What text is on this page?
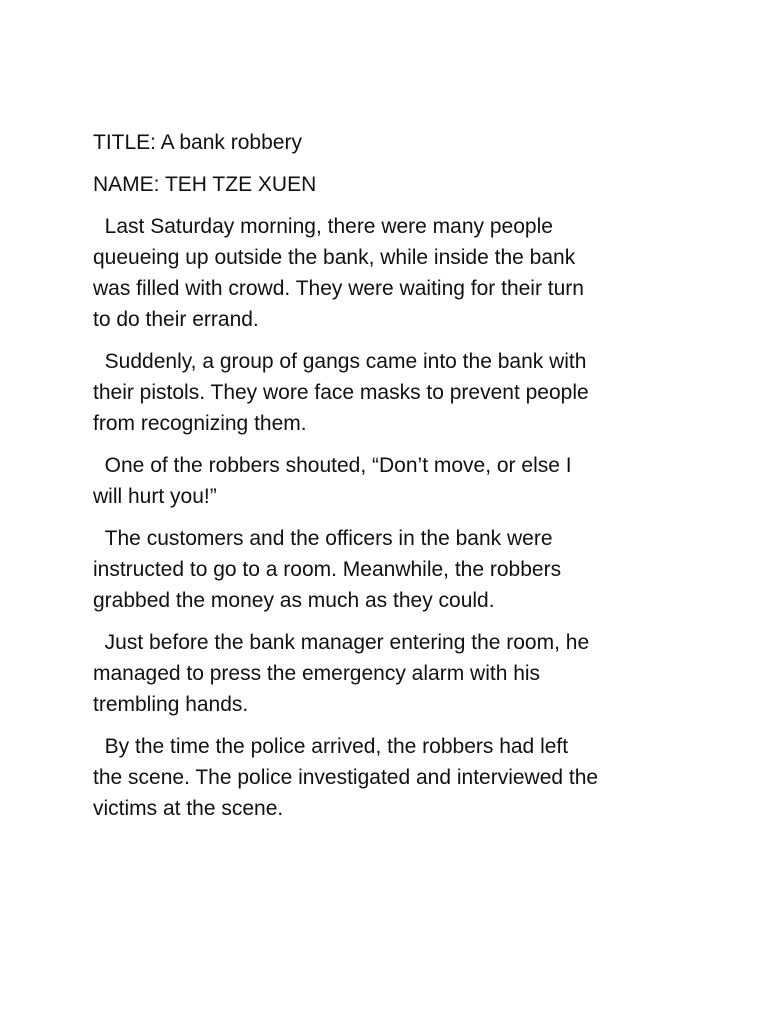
TITLE: A bank robbery

NAME: TEH TZE XUEN

Last Saturday morning, there were many people
queueing up outside the bank, while inside the bank
was filled with crowd. They were waiting for their turn
to do their errand.

Suddenly, a group of gangs came into the bank with
their pistols. They wore face masks to prevent people
from recognizing them.

One of the robbers shouted, “Don’t move, or else I
will hurt you!”

The customers and the officers in the bank were
instructed to go to a room. Meanwhile, the robbers
grabbed the money as much as they could.

Just before the bank manager entering the room, he
managed to press the emergency alarm with his
trembling hands.

By the time the police arrived, the robbers had left
the scene. The police investigated and interviewed the
victims at the scene.
